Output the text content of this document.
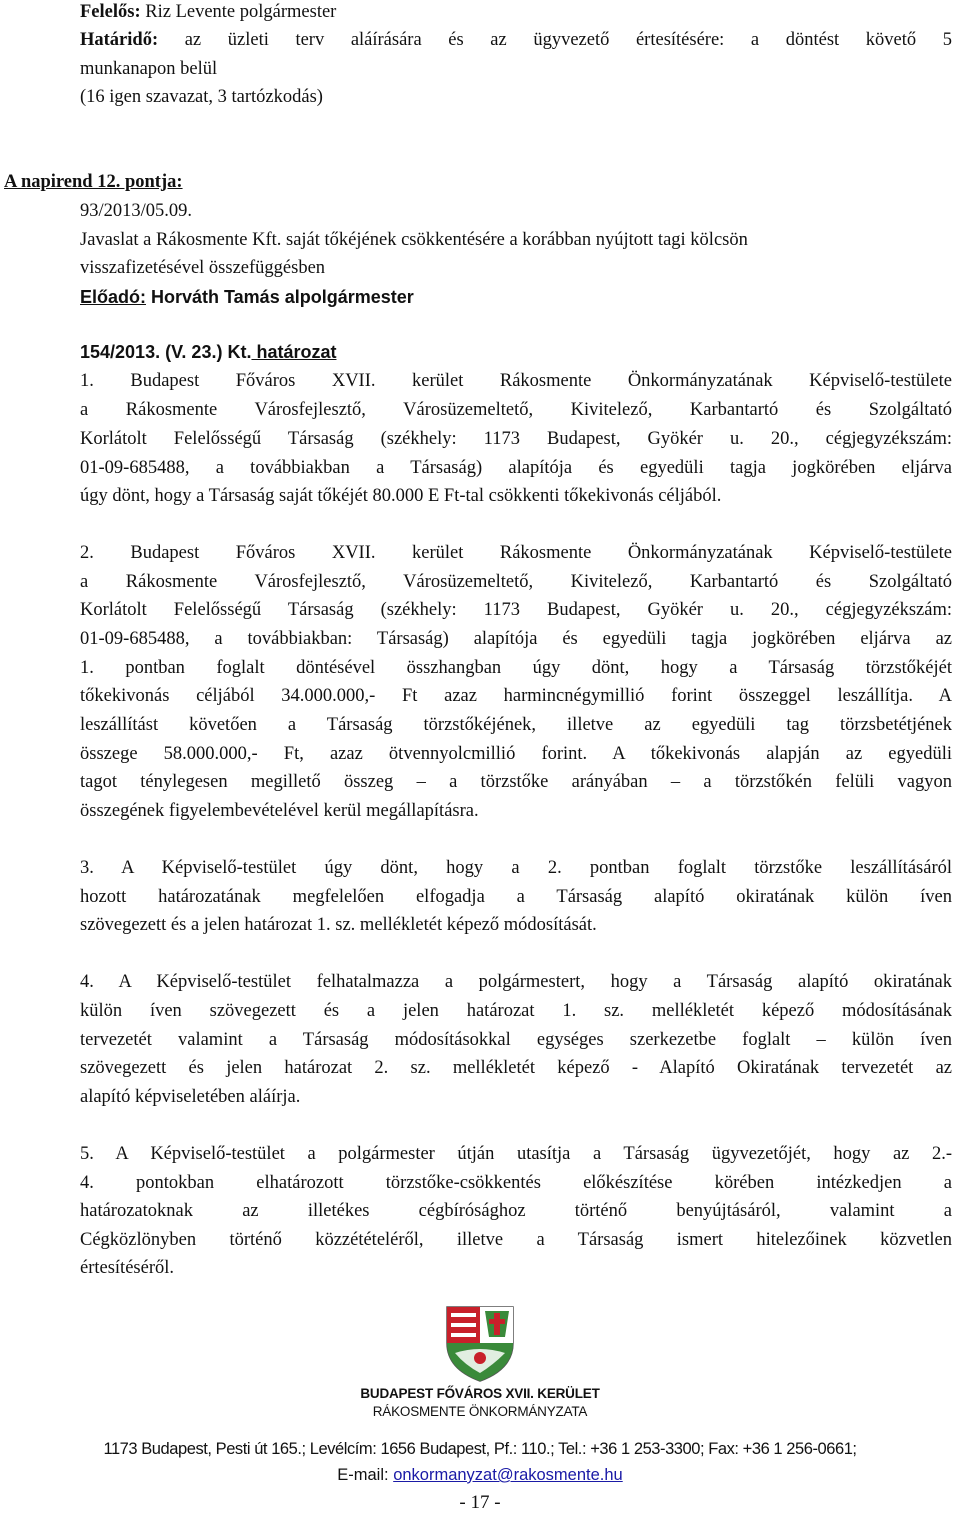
Felelős: Riz Levente polgármester
Határidő: az üzleti terv aláírására és az ügyvezető értesítésére: a döntést követő 5
munkanapon belül
(16 igen szavazat, 3 tartózkodás)
A napirend 12. pontja:
93/2013/05.09.
Javaslat a Rákosmente Kft. saját tőkéjének csökkentésére a korábban nyújtott tagi kölcsön
visszafizetésével összefüggésben
Előadó: Horváth Tamás alpolgármester
154/2013. (V. 23.) Kt. határozat
1. Budapest Főváros XVII. kerület Rákosmente Önkormányzatának Képviselő-testülete
a Rákosmente Városfejlesztő, Városüzemeltető, Kivitelező, Karbantartó és Szolgáltató
Korlátolt Felelősségű Társaság (székhely: 1173 Budapest, Gyökér u. 20., cégjegyzékszám:
01-09-685488, a továbbiakban a Társaság) alapítója és egyedüli tagja jogkörében eljárva
úgy dönt, hogy a Társaság saját tőkéjét 80.000 E Ft-tal csökkenti tőkekivonás céljából.
2. Budapest Főváros XVII. kerület Rákosmente Önkormányzatának Képviselő-testülete
a Rákosmente Városfejlesztő, Városüzemeltető, Kivitelező, Karbantartó és Szolgáltató
Korlátolt Felelősségű Társaság (székhely: 1173 Budapest, Gyökér u. 20., cégjegyzékszám:
01-09-685488, a továbbiakban: Társaság) alapítója és egyedüli tagja jogkörében eljárva az
1. pontban foglalt döntésével összhangban úgy dönt, hogy a Társaság törzstőkéjét
tőkekivonás céljából 34.000.000,- Ft azaz harmincnégymillió forint összeggel leszállítja. A
leszállítást követően a Társaság törzstőkéjének, illetve az egyedüli tag törzsbetétjének
összege 58.000.000,- Ft, azaz ötvennyolcmillió forint. A tőkekivonás alapján az egyedüli
tagot ténylegesen megillető összeg – a törzstőke arányában – a törzstőkén felüli vagyon
összegének figyelembevételével kerül megállapításra.
3. A Képviselő-testület úgy dönt, hogy a 2. pontban foglalt törzstőke leszállításáról
hozott határozatának megfelelően elfogadja a Társaság alapító okiratának külön íven
szövegezett és a jelen határozat 1. sz. mellékletét képező módosítását.
4. A Képviselő-testület felhatalmazza a polgármestert, hogy a Társaság alapító okiratának
külön íven szövegezett és a jelen határozat 1. sz. mellékletét képező módosításának
tervezetét valamint a Társaság módosításokkal egységes szerkezetbe foglalt – külön íven
szövegezett és jelen határozat 2. sz. mellékletét képező - Alapító Okiratának tervezetét az
alapító képviseletében aláírja.
5. A Képviselő-testület a polgármester útján utasítja a Társaság ügyvezetőjét, hogy az 2.-
4. pontokban elhatározott törzstőke-csökkentés előkészítése körében intézkedjen a
határozatoknak az illetékes cégbírósághoz történő benyújtásáról, valamint a
Cégközlönyben történő közzétételéről, illetve a Társaság ismert hitelezőinek közvetlen
értesítéséről.
BUDAPEST FŐVÁROS XVII. KERÜLET
RÁKOSMENTE ÖNKORMÁNYZATA
1173 Budapest, Pesti út 165.; Levélcím: 1656 Budapest, Pf.: 110.; Tel.: +36 1 253-3300; Fax: +36 1 256-0661;
E-mail: onkormanyzat@rakosmente.hu
- 17 -
